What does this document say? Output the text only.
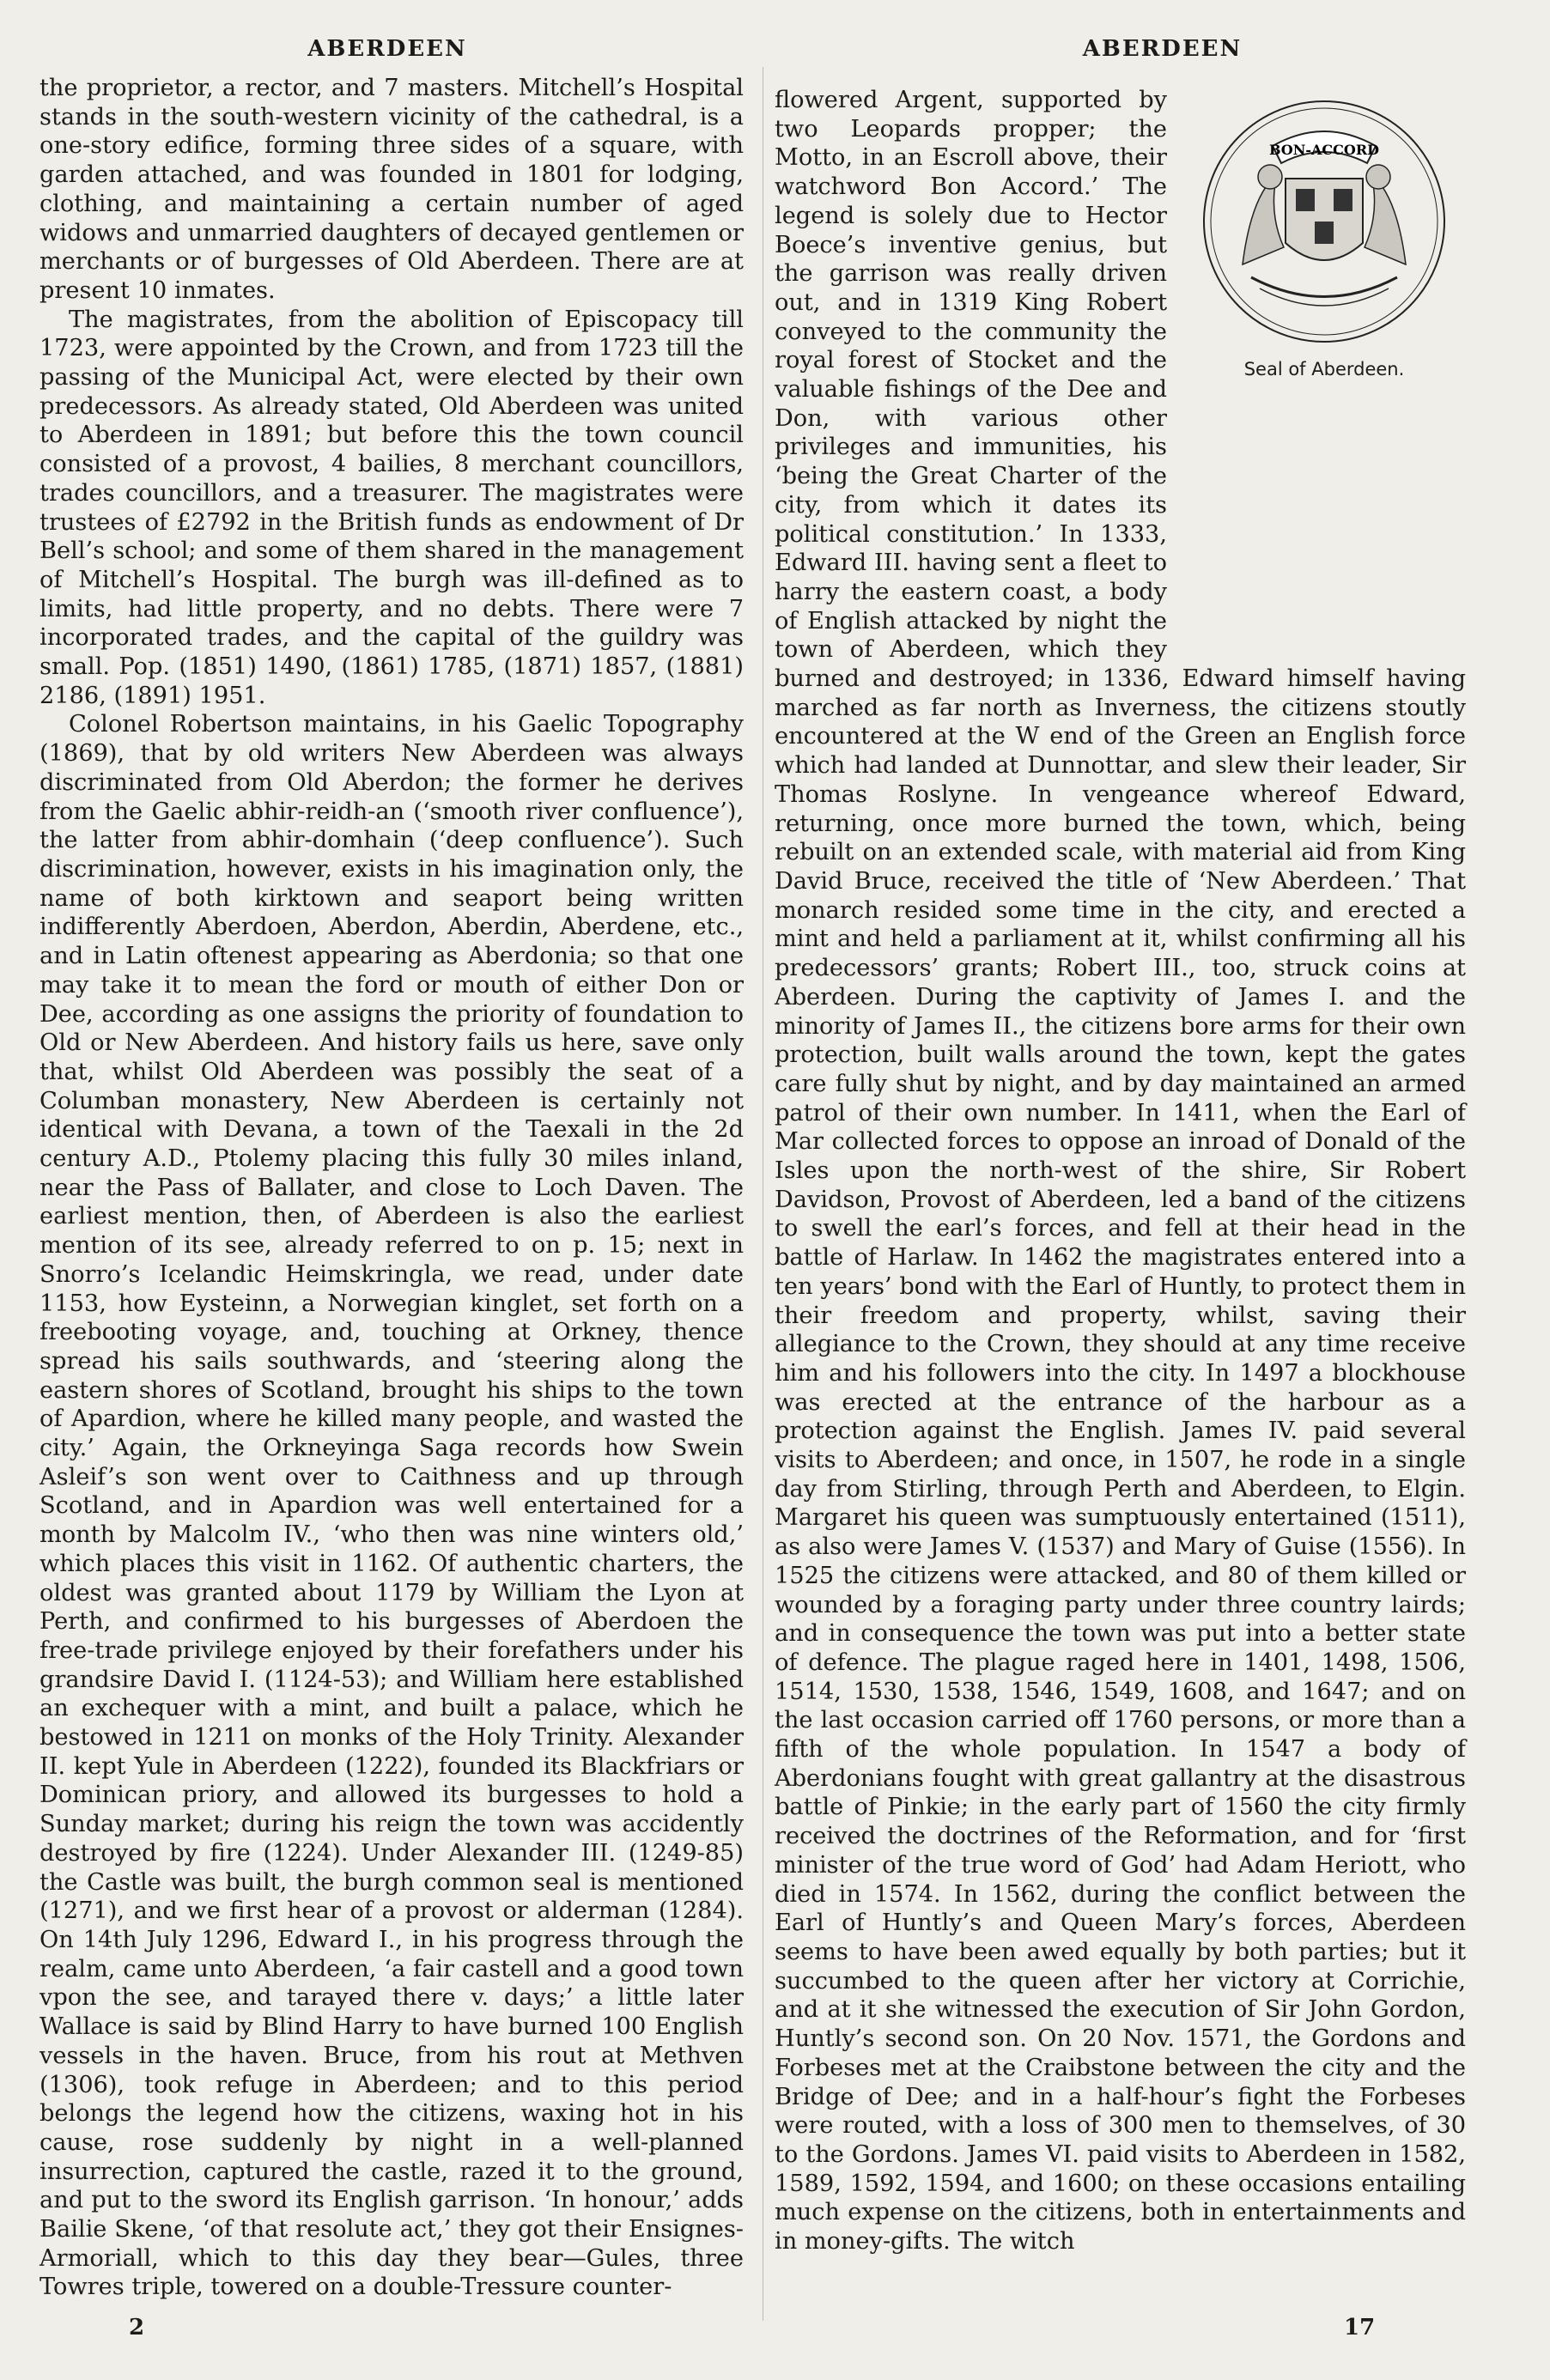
ABERDEEN

the proprietor, a rector, and 7 masters. Mitchell’s Hospital stands in the south-western vicinity of the cathedral, is a one-story edifice, forming three sides of a square, with garden attached, and was founded in 1801 for lodging, clothing, and maintaining a certain number of aged widows and unmarried daughters of decayed gentlemen or merchants or of burgesses of Old Aberdeen. There are at present 10 inmates.

The magistrates, from the abolition of Episcopacy till 1723, were appointed by the Crown, and from 1723 till the passing of the Municipal Act, were elected by their own predecessors. As already stated, Old Aberdeen was united to Aberdeen in 1891; but before this the town council consisted of a provost, 4 bailies, 8 merchant councillors, trades councillors, and a treasurer. The magistrates were trustees of £2792 in the British funds as endowment of Dr Bell’s school; and some of them shared in the management of Mitchell’s Hospital. The burgh was ill-defined as to limits, had little property, and no debts. There were 7 incorporated trades, and the capital of the guildry was small. Pop. (1851) 1490, (1861) 1785, (1871) 1857, (1881) 2186, (1891) 1951.

Colonel Robertson maintains, in his Gaelic Topography (1869), that by old writers New Aberdeen was always discriminated from Old Aberdon; the former he derives from the Gaelic abhir-reidh-an (‘smooth river confluence’), the latter from abhir-domhain (‘deep confluence’). Such discrimination, however, exists in his imagination only, the name of both kirktown and seaport being written indifferently Aberdoen, Aberdon, Aberdin, Aberdene, etc., and in Latin oftenest appearing as Aberdonia; so that one may take it to mean the ford or mouth of either Don or Dee, according as one assigns the priority of foundation to Old or New Aberdeen. And history fails us here, save only that, whilst Old Aberdeen was possibly the seat of a Columban monastery, New Aberdeen is certainly not identical with Devana, a town of the Taexali in the 2d century A.D., Ptolemy placing this fully 30 miles inland, near the Pass of Ballater, and close to Loch Daven. The earliest mention, then, of Aberdeen is also the earliest mention of its see, already referred to on p. 15; next in Snorro’s Icelandic Heimskringla, we read, under date 1153, how Eysteinn, a Norwegian kinglet, set forth on a freebooting voyage, and, touching at Orkney, thence spread his sails southwards, and ‘steering along the eastern shores of Scotland, brought his ships to the town of Apardion, where he killed many people, and wasted the city.’ Again, the Orkneyinga Saga records how Swein Asleif’s son went over to Caithness and up through Scotland, and in Apardion was well entertained for a month by Malcolm IV., ‘who then was nine winters old,’ which places this visit in 1162. Of authentic charters, the oldest was granted about 1179 by William the Lyon at Perth, and confirmed to his burgesses of Aberdoen the free-trade privilege enjoyed by their forefathers under his grandsire David I. (1124-53); and William here established an exchequer with a mint, and built a palace, which he bestowed in 1211 on monks of the Holy Trinity. Alexander II. kept Yule in Aberdeen (1222), founded its Blackfriars or Dominican priory, and allowed its burgesses to hold a Sunday market; during his reign the town was accidently destroyed by fire (1224). Under Alexander III. (1249-85) the Castle was built, the burgh common seal is mentioned (1271), and we first hear of a provost or alderman (1284). On 14th July 1296, Edward I., in his progress through the realm, came unto Aberdeen, ‘a fair castell and a good town vpon the see, and tarayed there v. days;’ a little later Wallace is said by Blind Harry to have burned 100 English vessels in the haven. Bruce, from his rout at Methven (1306), took refuge in Aberdeen; and to this period belongs the legend how the citizens, waxing hot in his cause, rose suddenly by night in a well-planned insurrection, captured the castle, razed it to the ground, and put to the sword its English garrison. ‘In honour,’ adds Bailie Skene, ‘of that resolute act,’ they got their Ensignes-Armoriall, which to this day they bear—Gules, three Towres triple, towered on a double-Tressure counter-

2
ABERDEEN
BON-ACCORD
Seal of Aberdeen.

flowered Argent, supported by two Leopards propper; the Motto, in an Escroll above, their watchword Bon Accord.’ The legend is solely due to Hector Boece’s inventive genius, but the garrison was really driven out, and in 1319 King Robert conveyed to the community the royal forest of Stocket and the valuable fishings of the Dee and Don, with various other privileges and immunities, his ‘being the Great Charter of the city, from which it dates its political constitution.’ In 1333, Edward III. having sent a fleet to harry the eastern coast, a body of English attacked by night the town of Aberdeen, which they burned and destroyed; in 1336, Edward himself having marched as far north as Inverness, the citizens stoutly encountered at the W end of the Green an English force which had landed at Dunnottar, and slew their leader, Sir Thomas Roslyne. In vengeance whereof Edward, returning, once more burned the town, which, being rebuilt on an extended scale, with material aid from King David Bruce, received the title of ‘New Aberdeen.’ That monarch resided some time in the city, and erected a mint and held a parliament at it, whilst confirming all his predecessors’ grants; Robert III., too, struck coins at Aberdeen. During the captivity of James I. and the minority of James II., the citizens bore arms for their own protection, built walls around the town, kept the gates care fully shut by night, and by day maintained an armed patrol of their own number. In 1411, when the Earl of Mar collected forces to oppose an inroad of Donald of the Isles upon the north-west of the shire, Sir Robert Davidson, Provost of Aberdeen, led a band of the citizens to swell the earl’s forces, and fell at their head in the battle of Harlaw. In 1462 the magistrates entered into a ten years’ bond with the Earl of Huntly, to protect them in their freedom and property, whilst, saving their allegiance to the Crown, they should at any time receive him and his followers into the city. In 1497 a blockhouse was erected at the entrance of the harbour as a protection against the English. James IV. paid several visits to Aberdeen; and once, in 1507, he rode in a single day from Stirling, through Perth and Aberdeen, to Elgin. Margaret his queen was sumptuously entertained (1511), as also were James V. (1537) and Mary of Guise (1556). In 1525 the citizens were attacked, and 80 of them killed or wounded by a foraging party under three country lairds; and in consequence the town was put into a better state of defence. The plague raged here in 1401, 1498, 1506, 1514, 1530, 1538, 1546, 1549, 1608, and 1647; and on the last occasion carried off 1760 persons, or more than a fifth of the whole population. In 1547 a body of Aberdonians fought with great gallantry at the disastrous battle of Pinkie; in the early part of 1560 the city firmly received the doctrines of the Reformation, and for ‘first minister of the true word of God’ had Adam Heriott, who died in 1574. In 1562, during the conflict between the Earl of Huntly’s and Queen Mary’s forces, Aberdeen seems to have been awed equally by both parties; but it succumbed to the queen after her victory at Corrichie, and at it she witnessed the execution of Sir John Gordon, Huntly’s second son. On 20 Nov. 1571, the Gordons and Forbeses met at the Craibstone between the city and the Bridge of Dee; and in a half-hour’s fight the Forbeses were routed, with a loss of 300 men to themselves, of 30 to the Gordons. James VI. paid visits to Aberdeen in 1582, 1589, 1592, 1594, and 1600; on these occasions entailing much expense on the citizens, both in entertainments and in money-gifts. The witch

17
